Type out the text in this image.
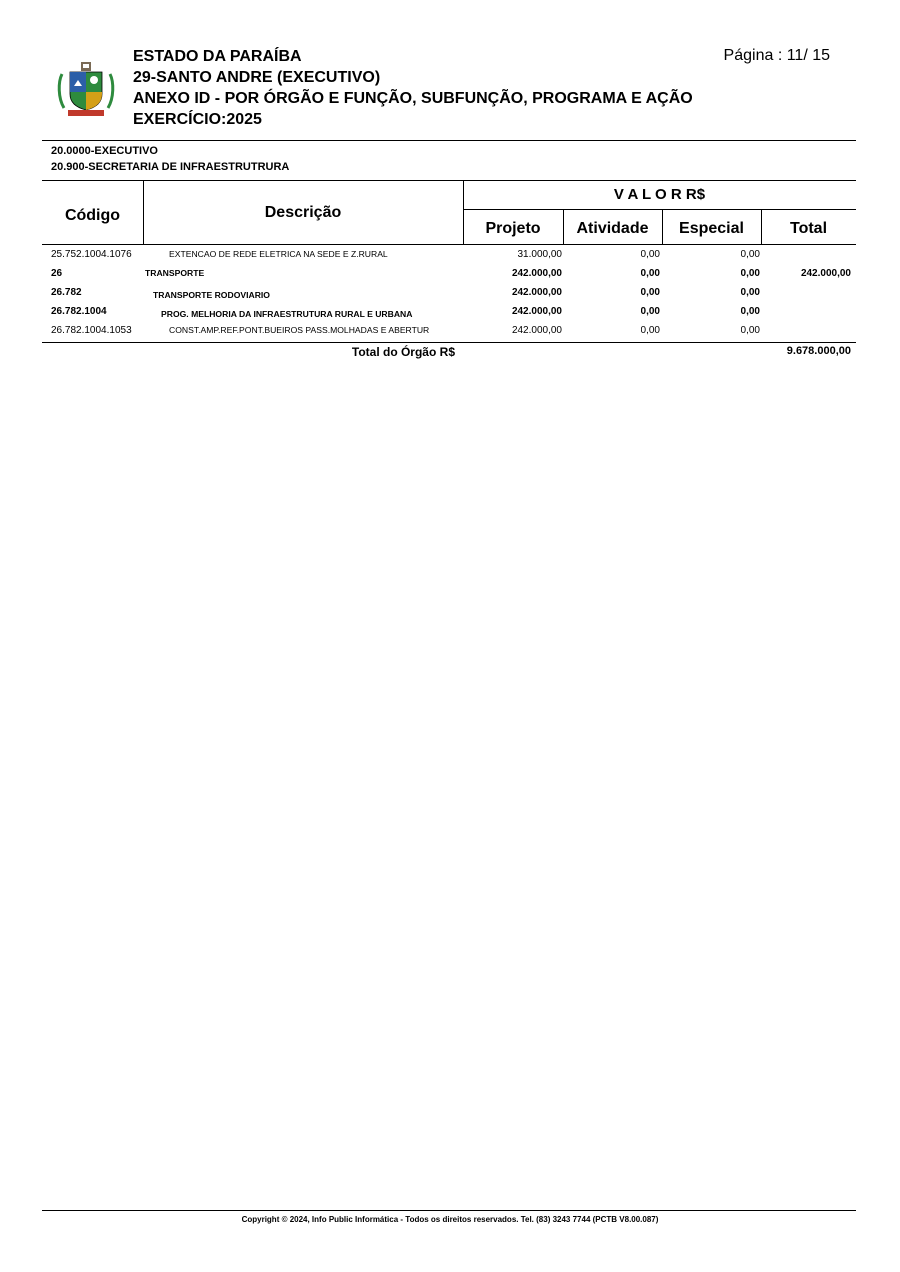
ESTADO DA PARAÍBA
29-SANTO ANDRE (EXECUTIVO)
ANEXO ID - POR ÓRGÃO E FUNÇÃO, SUBFUNÇÃO, PROGRAMA E AÇÃO
EXERCÍCIO:2025
Página : 11/ 15
20.0000-EXECUTIVO
20.900-SECRETARIA DE INFRAESTRUTRURA
Código	Descrição
V A L O R R$
Projeto	Atividade	Especial	Total
25.752.1004.1076	EXTENCAO DE REDE ELETRICA NA SEDE E Z.RURAL	31.000,00	0,00	0,00
26	TRANSPORTE	242.000,00	0,00	0,00	242.000,00
26.782	TRANSPORTE RODOVIARIO	242.000,00	0,00	0,00
26.782.1004	PROG. MELHORIA DA INFRAESTRUTURA RURAL E URBANA	242.000,00	0,00	0,00
26.782.1004.1053	CONST.AMP.REF.PONT.BUEIROS PASS.MOLHADAS E ABERTUR	242.000,00	0,00	0,00
Total do Órgão R$	9.678.000,00
Copyright © 2024, Info Public Informática - Todos os direitos reservados. Tel. (83) 3243 7744 (PCTB V8.00.087)
